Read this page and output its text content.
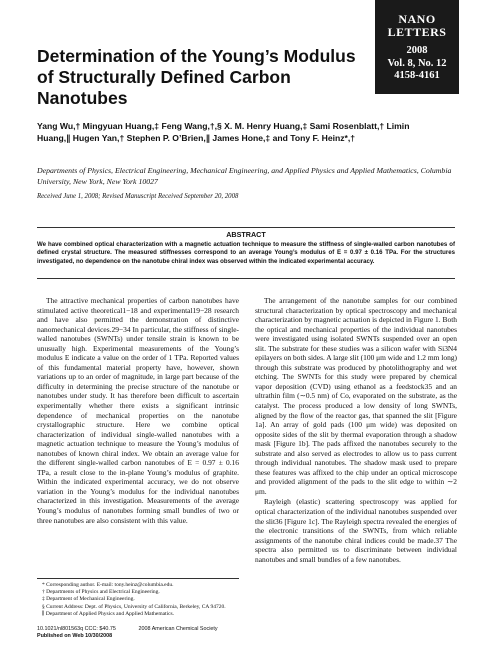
NANO
LETTERS
2008
Vol. 8, No. 12
4158-4161
Determination of the Young’s Modulus of Structurally Defined Carbon Nanotubes
Yang Wu,† Mingyuan Huang,‡ Feng Wang,†,§ X. M. Henry Huang,‡ Sami Rosenblatt,† Limin Huang,∥ Hugen Yan,† Stephen P. O’Brien,∥ James Hone,‡ and Tony F. Heinz*,†
Departments of Physics, Electrical Engineering, Mechanical Engineering, and Applied Physics and Applied Mathematics, Columbia University, New York, New York 10027
Received June 1, 2008; Revised Manuscript Received September 20, 2008
ABSTRACT
We have combined optical characterization with a magnetic actuation technique to measure the stiffness of single-walled carbon nanotubes of defined crystal structure. The measured stiffnesses correspond to an average Young’s modulus of E = 0.97 ± 0.16 TPa. For the structures investigated, no dependence on the nanotube chiral index was observed within the indicated experimental accuracy.

The attractive mechanical properties of carbon nanotubes have stimulated active theoretical1−18 and experimental19−28 research and have also permitted the demonstration of distinctive nanomechanical devices.29−34 In particular, the stiffness of single-walled nanotubes (SWNTs) under tensile strain is known to be unusually high. Experimental measurements of the Young’s modulus E indicate a value on the order of 1 TPa. Reported values of this fundamental material property have, however, shown variations up to an order of magnitude, in large part because of the difficulty in determining the precise structure of the nanotube or nanotubes under study. It has therefore been difficult to ascertain experimentally whether there exists a significant intrinsic dependence of mechanical properties on the nanotube crystallographic structure. Here we combine optical characterization of individual single-walled nanotubes with a magnetic actuation technique to measure the Young’s modulus of nanotubes of known chiral index. We obtain an average value for the different single-walled carbon nanotubes of E = 0.97 ± 0.16 TPa, a result close to the in-plane Young’s modulus of graphite. Within the indicated experimental accuracy, we do not observe variation in the Young’s modulus for the individual nanotubes characterized in this investigation. Measurements of the average Young’s modulus of nanotubes forming small bundles of two or three nanotubes are also consistent with this value.

The arrangement of the nanotube samples for our combined structural characterization by optical spectroscopy and mechanical characterization by magnetic actuation is depicted in Figure 1. Both the optical and mechanical properties of the individual nanotubes were investigated using isolated SWNTs suspended over an open slit. The substrate for these studies was a silicon wafer with Si3N4 epilayers on both sides. A large slit (100 μm wide and 1.2 mm long) through this substrate was produced by photolithography and wet etching. The SWNTs for this study were prepared by chemical vapor deposition (CVD) using ethanol as a feedstock35 and an ultrathin film (∼0.5 nm) of Co, evaporated on the substrate, as the catalyst. The process produced a low density of long SWNTs, aligned by the flow of the reactor gas, that spanned the slit [Figure 1a]. An array of gold pads (100 μm wide) was deposited on opposite sides of the slit by thermal evaporation through a shadow mask [Figure 1b]. The pads affixed the nanotubes securely to the substrate and also served as electrodes to allow us to pass current through individual nanotubes. The shadow mask used to prepare these features was affixed to the chip under an optical microscope and provided alignment of the pads to the slit edge to within ∼2 μm.

Rayleigh (elastic) scattering spectroscopy was applied for optical characterization of the individual nanotubes suspended over the slit36 [Figure 1c]. The Rayleigh spectra revealed the energies of the electronic transitions of the SWNTs, from which reliable assignments of the nanotube chiral indices could be made.37 The spectra also permitted us to discriminate between individual nanotubes and small bundles of a few nanotubes.

* Corresponding author. E-mail: tony.heinz@columbia.edu.
† Departments of Physics and Electrical Engineering.
‡ Department of Mechanical Engineering.
§ Current Address: Dept. of Physics, University of California, Berkeley, CA 94720.
∥ Department of Applied Physics and Applied Mathematics.
10.1021/nl801563q CCC: $40.75	2008 American Chemical Society
Published on Web 10/30/2008
